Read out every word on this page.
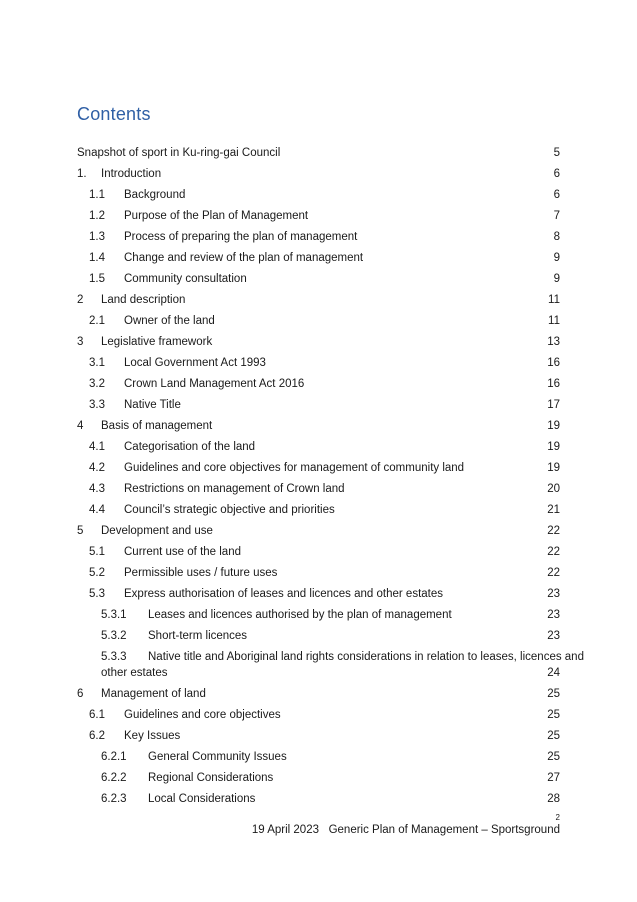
Contents
Snapshot of sport in Ku-ring-gai Council	5
1. Introduction	6
1.1 Background	6
1.2 Purpose of the Plan of Management	7
1.3 Process of preparing the plan of management	8
1.4 Change and review of the plan of management	9
1.5 Community consultation	9
2 Land description	11
2.1 Owner of the land	11
3 Legislative framework	13
3.1 Local Government Act 1993	16
3.2 Crown Land Management Act 2016	16
3.3 Native Title	17
4 Basis of management	19
4.1 Categorisation of the land	19
4.2 Guidelines and core objectives for management of community land	19
4.3 Restrictions on management of Crown land	20
4.4 Council’s strategic objective and priorities	21
5 Development and use	22
5.1 Current use of the land	22
5.2 Permissible uses / future uses	22
5.3 Express authorisation of leases and licences and other estates	23
5.3.1 Leases and licences authorised by the plan of management	23
5.3.2 Short-term licences	23
5.3.3 Native title and Aboriginal land rights considerations in relation to leases, licences and
other estates	24
6 Management of land	25
6.1 Guidelines and core objectives	25
6.2 Key Issues	25
6.2.1 General Community Issues	25
6.2.2 Regional Considerations	27
6.2.3 Local Considerations	28
2
19 April 2023 Generic Plan of Management – Sportsground
